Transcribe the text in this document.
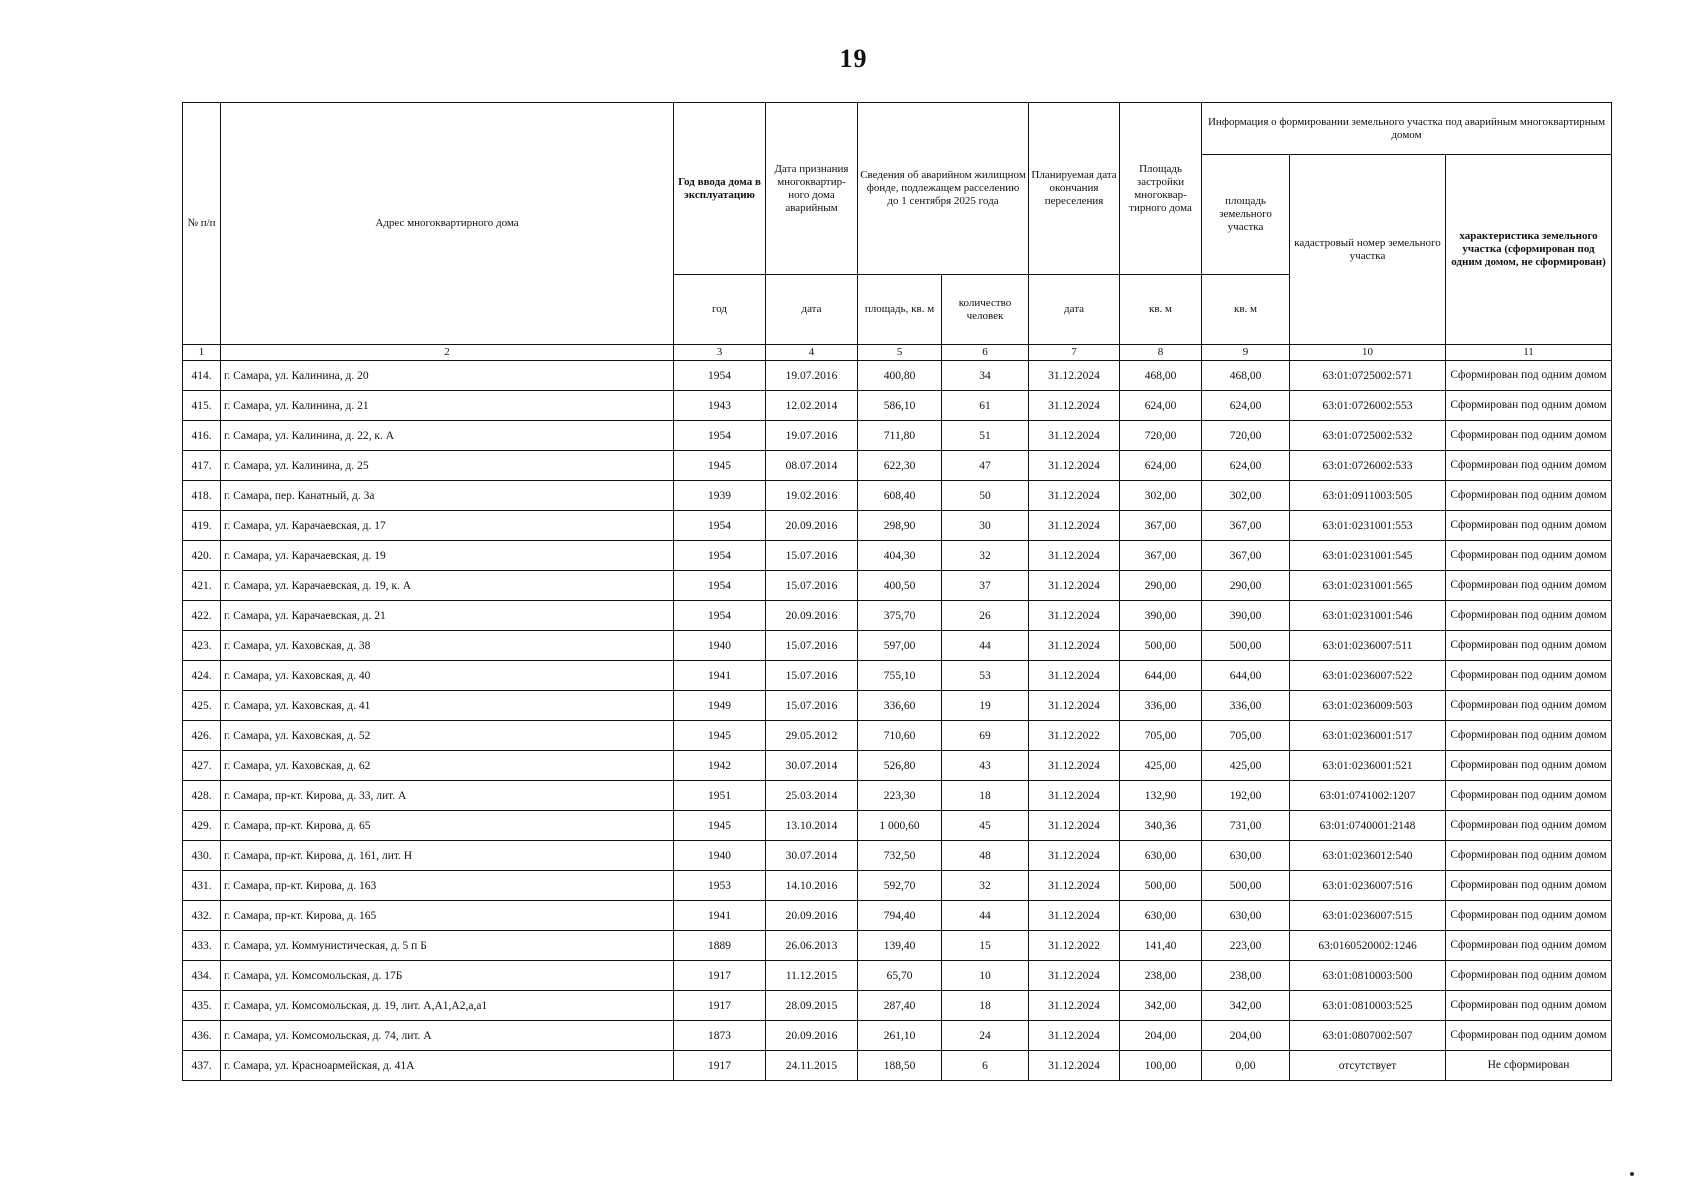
19
№ п/п	Адрес многоквартирного дома	Год ввода дома в эксплуатацию	Дата признания многоквартир-ного дома аварийным	Сведения об аварийном жилищном фонде, подлежащем расселению до 1 сентября 2025 года		Планируемая дата окончания переселения	Площадь застройки многоквар-тирного дома	Информация о формировании земельного участка под аварийным многоквартирным домом		
								площадь земельного участка	кадастровый номер земельного участка	характеристика земельного участка (сформирован под одним домом, не сформирован)
		год	дата	площадь, кв. м	количество человек	дата	кв. м	кв. м		
1	2	3	4	5	6	7	8	9	10	11
414.	г. Самара, ул. Калинина, д. 20	1954	19.07.2016	400,80	34	31.12.2024	468,00	468,00	63:01:0725002:571	Сформирован под одним домом
415.	г. Самара, ул. Калинина, д. 21	1943	12.02.2014	586,10	61	31.12.2024	624,00	624,00	63:01:0726002:553	Сформирован под одним домом
416.	г. Самара, ул. Калинина, д. 22, к. А	1954	19.07.2016	711,80	51	31.12.2024	720,00	720,00	63:01:0725002:532	Сформирован под одним домом
417.	г. Самара, ул. Калинина, д. 25	1945	08.07.2014	622,30	47	31.12.2024	624,00	624,00	63:01:0726002:533	Сформирован под одним домом
418.	г. Самара, пер. Канатный, д. 3а	1939	19.02.2016	608,40	50	31.12.2024	302,00	302,00	63:01:0911003:505	Сформирован под одним домом
419.	г. Самара, ул. Карачаевская, д. 17	1954	20.09.2016	298,90	30	31.12.2024	367,00	367,00	63:01:0231001:553	Сформирован под одним домом
420.	г. Самара, ул. Карачаевская, д. 19	1954	15.07.2016	404,30	32	31.12.2024	367,00	367,00	63:01:0231001:545	Сформирован под одним домом
421.	г. Самара, ул. Карачаевская, д. 19, к. А	1954	15.07.2016	400,50	37	31.12.2024	290,00	290,00	63:01:0231001:565	Сформирован под одним домом
422.	г. Самара, ул. Карачаевская, д. 21	1954	20.09.2016	375,70	26	31.12.2024	390,00	390,00	63:01:0231001:546	Сформирован под одним домом
423.	г. Самара, ул. Каховская, д. 38	1940	15.07.2016	597,00	44	31.12.2024	500,00	500,00	63:01:0236007:511	Сформирован под одним домом
424.	г. Самара, ул. Каховская, д. 40	1941	15.07.2016	755,10	53	31.12.2024	644,00	644,00	63:01:0236007:522	Сформирован под одним домом
425.	г. Самара, ул. Каховская, д. 41	1949	15.07.2016	336,60	19	31.12.2024	336,00	336,00	63:01:0236009:503	Сформирован под одним домом
426.	г. Самара, ул. Каховская, д. 52	1945	29.05.2012	710,60	69	31.12.2022	705,00	705,00	63:01:0236001:517	Сформирован под одним домом
427.	г. Самара, ул. Каховская, д. 62	1942	30.07.2014	526,80	43	31.12.2024	425,00	425,00	63:01:0236001:521	Сформирован под одним домом
428.	г. Самара, пр-кт. Кирова, д. 33, лит. А	1951	25.03.2014	223,30	18	31.12.2024	132,90	192,00	63:01:0741002:1207	Сформирован под одним домом
429.	г. Самара, пр-кт. Кирова, д. 65	1945	13.10.2014	1 000,60	45	31.12.2024	340,36	731,00	63:01:0740001:2148	Сформирован под одним домом
430.	г. Самара, пр-кт. Кирова, д. 161, лит. Н	1940	30.07.2014	732,50	48	31.12.2024	630,00	630,00	63:01:0236012:540	Сформирован под одним домом
431.	г. Самара, пр-кт. Кирова, д. 163	1953	14.10.2016	592,70	32	31.12.2024	500,00	500,00	63:01:0236007:516	Сформирован под одним домом
432.	г. Самара, пр-кт. Кирова, д. 165	1941	20.09.2016	794,40	44	31.12.2024	630,00	630,00	63:01:0236007:515	Сформирован под одним домом
433.	г. Самара, ул. Коммунистическая, д. 5 п Б	1889	26.06.2013	139,40	15	31.12.2022	141,40	223,00	63:0160520002:1246	Сформирован под одним домом
434.	г. Самара, ул. Комсомольская, д. 17Б	1917	11.12.2015	65,70	10	31.12.2024	238,00	238,00	63:01:0810003:500	Сформирован под одним домом
435.	г. Самара, ул. Комсомольская, д. 19, лит. А,А1,А2,а,а1	1917	28.09.2015	287,40	18	31.12.2024	342,00	342,00	63:01:0810003:525	Сформирован под одним домом
436.	г. Самара, ул. Комсомольская, д. 74, лит. А	1873	20.09.2016	261,10	24	31.12.2024	204,00	204,00	63:01:0807002:507	Сформирован под одним домом
437.	г. Самара, ул. Красноармейская, д. 41А	1917	24.11.2015	188,50	6	31.12.2024	100,00	0,00	отсутствует	Не сформирован
